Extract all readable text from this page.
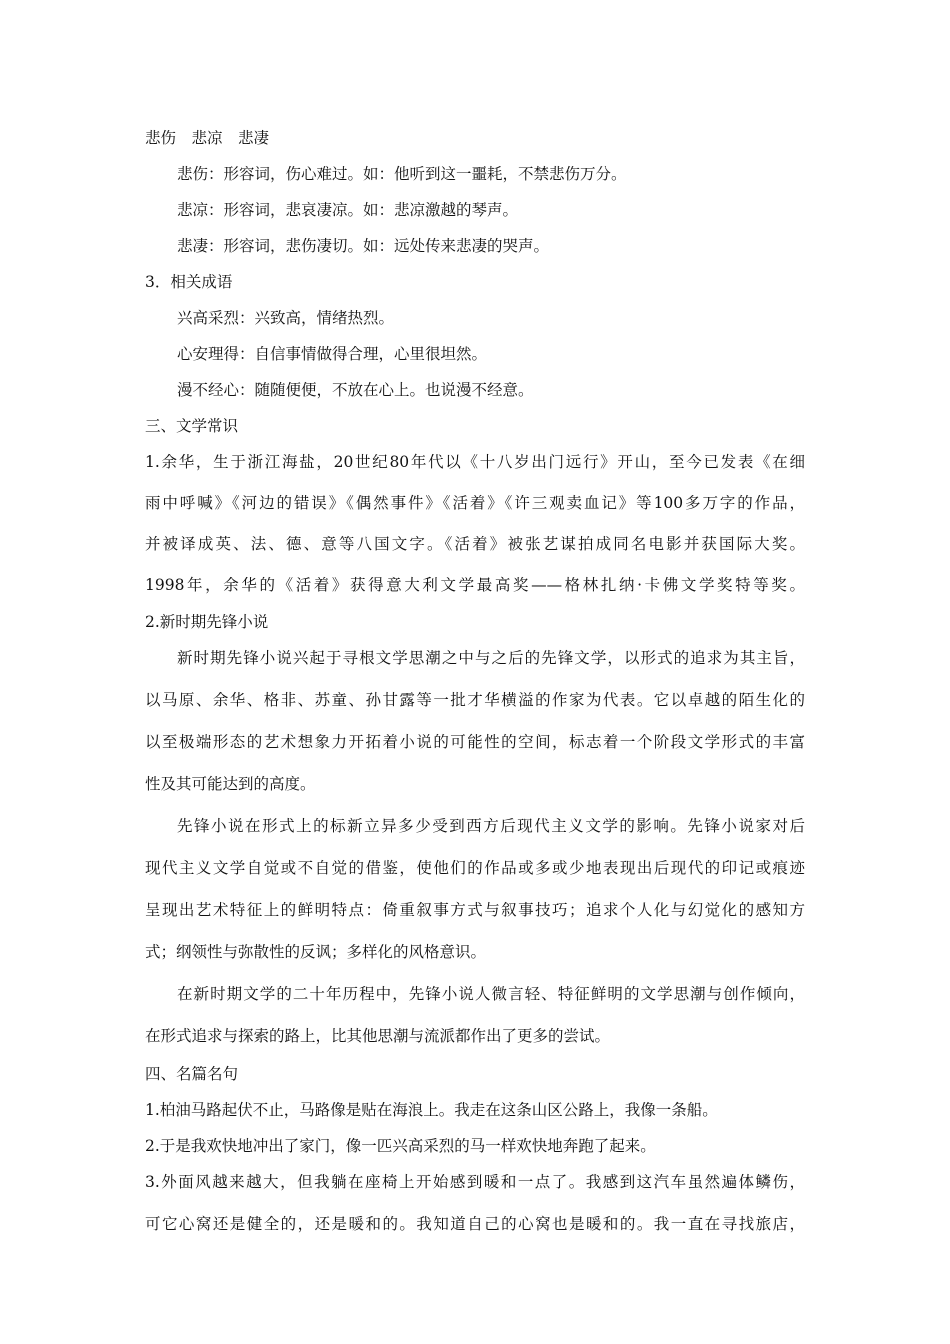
悲伤　悲凉　悲凄
悲伤：形容词，伤心难过。如：他听到这一噩耗，不禁悲伤万分。
悲凉：形容词，悲哀凄凉。如：悲凉激越的琴声。
悲凄：形容词，悲伤凄切。如：远处传来悲凄的哭声。
3．相关成语
兴高采烈：兴致高，情绪热烈。
心安理得：自信事情做得合理，心里很坦然。
漫不经心：随随便便，不放在心上。也说漫不经意。
三、文学常识
1.余华，生于浙江海盐，20世纪80年代以《十八岁出门远行》开山，至今已发表《在细
雨中呼喊》《河边的错误》《偶然事件》《活着》《许三观卖血记》等100多万字的作品，
并被译成英、法、德、意等八国文字。《活着》被张艺谋拍成同名电影并获国际大奖。
1998年，余华的《活着》获得意大利文学最高奖——格林扎纳·卡佛文学奖特等奖。
2.新时期先锋小说
新时期先锋小说兴起于寻根文学思潮之中与之后的先锋文学，以形式的追求为其主旨，
以马原、余华、格非、苏童、孙甘露等一批才华横溢的作家为代表。它以卓越的陌生化的
以至极端形态的艺术想象力开拓着小说的可能性的空间，标志着一个阶段文学形式的丰富
性及其可能达到的高度。
先锋小说在形式上的标新立异多少受到西方后现代主义文学的影响。先锋小说家对后
现代主义文学自觉或不自觉的借鉴，使他们的作品或多或少地表现出后现代的印记或痕迹
呈现出艺术特征上的鲜明特点：倚重叙事方式与叙事技巧；追求个人化与幻觉化的感知方
式；纲领性与弥散性的反讽；多样化的风格意识。
在新时期文学的二十年历程中，先锋小说人微言轻、特征鲜明的文学思潮与创作倾向，
在形式追求与探索的路上，比其他思潮与流派都作出了更多的尝试。
四、名篇名句
1.柏油马路起伏不止，马路像是贴在海浪上。我走在这条山区公路上，我像一条船。
2.于是我欢快地冲出了家门，像一匹兴高采烈的马一样欢快地奔跑了起来。
3.外面风越来越大，但我躺在座椅上开始感到暖和一点了。我感到这汽车虽然遍体鳞伤，
可它心窝还是健全的，还是暖和的。我知道自己的心窝也是暖和的。我一直在寻找旅店，
